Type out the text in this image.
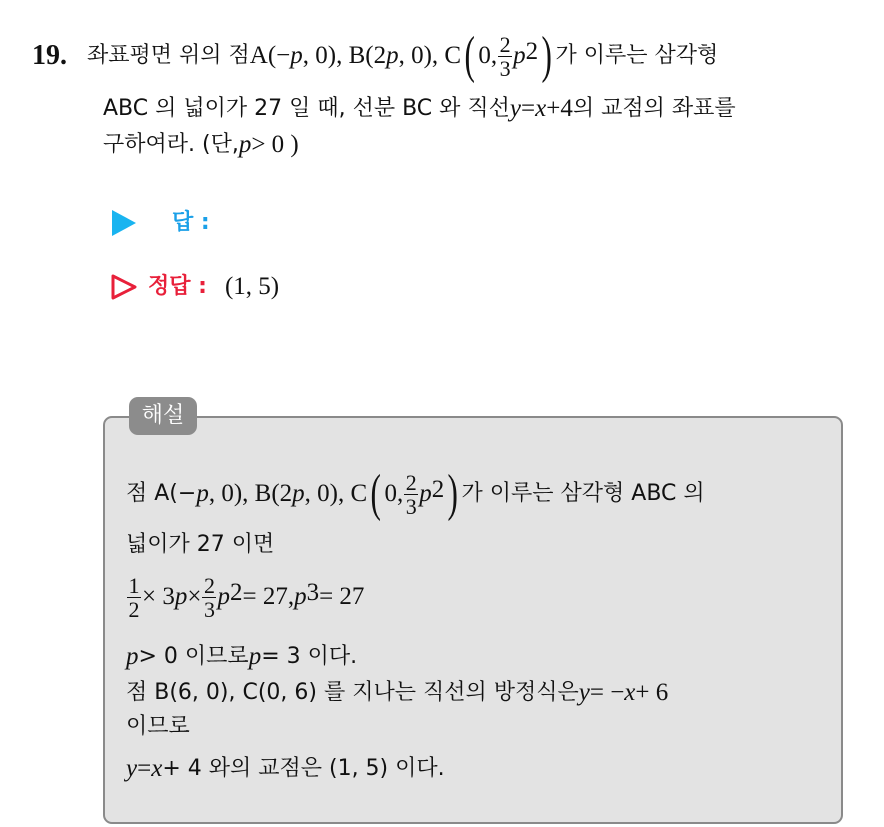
19. 좌표평면 위의 점 A(− p , 0), B(2 p , 0), C ( 0, $\frac{2}{3} p^2$ ) 가 이루는 삼각형
ABC 의 넓이가 27 일 때, 선분 BC 와 직선 y = x +4 의 교점의 좌표를
구하여라. (단, p > 0 )
답 :
정답 : (1, 5)
해설
점 A(− p , 0), B(2 p , 0), C ( 0, $\frac{2}{3} p^2$ ) 가 이루는 삼각형 ABC 의
넓이가 27 이면
$\frac{1}{2} \times 3$ $p \times \frac{2}{3} p^2 = 27$, $p^3 = 27$
p > 0 이므로 p = 3 이다.
점 B(6, 0), C(0, 6) 를 지나는 직선의 방정식은 y = − x + 6
이므로
y = x + 4 와의 교점은 (1, 5) 이다.
